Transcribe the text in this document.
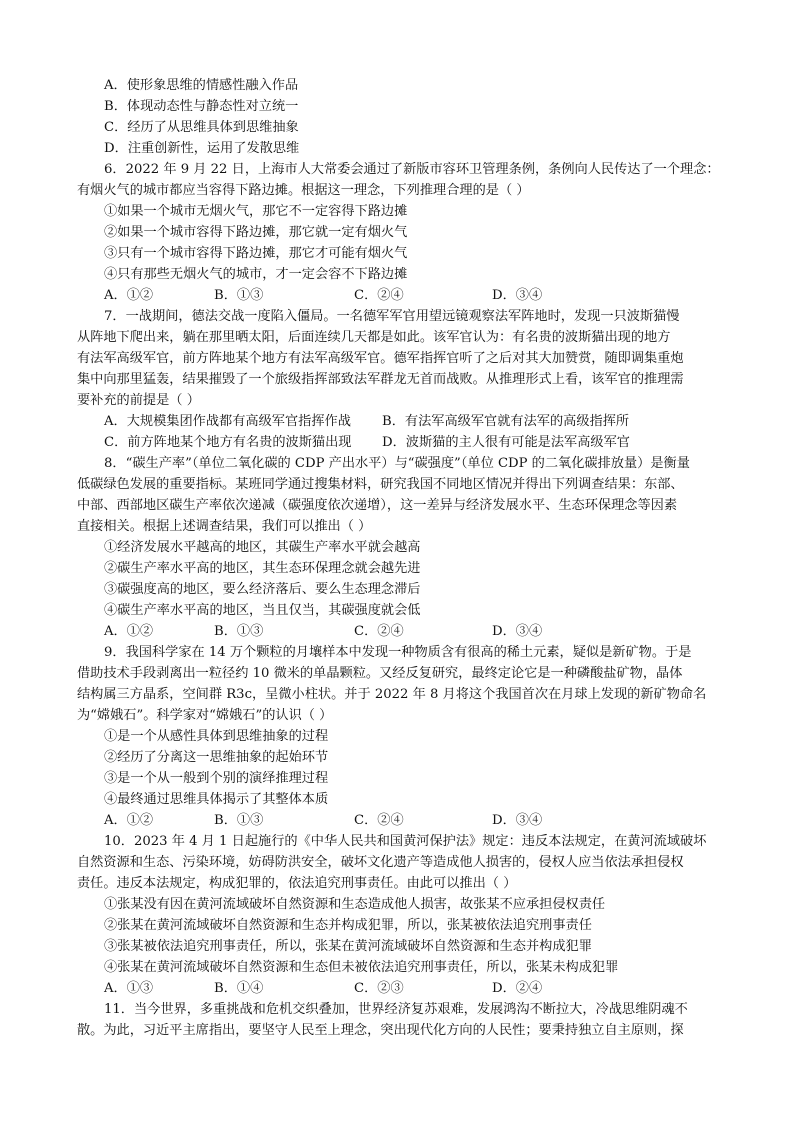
A．使形象思维的情感性融入作品
B．体现动态性与静态性对立统一
C．经历了从思维具体到思维抽象
D．注重创新性，运用了发散思维
6．2022 年 9 月 22 日，上海市人大常委会通过了新版市容环卫管理条例，条例向人民传达了一个理念：
有烟火气的城市都应当容得下路边摊。根据这一理念，下列推理合理的是（ ）
①如果一个城市无烟火气，那它不一定容得下路边摊
②如果一个城市容得下路边摊，那它就一定有烟火气
③只有一个城市容得下路边摊，那它才可能有烟火气
④只有那些无烟火气的城市，才一定会容不下路边摊
A．①②	B．①③	C．②④	D．③④
7．一战期间，德法交战一度陷入僵局。一名德军军官用望远镜观察法军阵地时，发现一只波斯猫慢
从阵地下爬出来，躺在那里晒太阳，后面连续几天都是如此。该军官认为：有名贵的波斯猫出现的地方
有法军高级军官，前方阵地某个地方有法军高级军官。德军指挥官听了之后对其大加赞赏，随即调集重炮
集中向那里猛轰，结果摧毁了一个旅级指挥部致法军群龙无首而战败。从推理形式上看，该军官的推理需
要补充的前提是（ ）
A．大规模集团作战都有高级军官指挥作战 B．有法军高级军官就有法军的高级指挥所
C．前方阵地某个地方有名贵的波斯猫出现 D．波斯猫的主人很有可能是法军高级军官
8．“碳生产率”（单位二氧化碳的 CDP 产出水平）与“碳强度”（单位 CDP 的二氧化碳排放量）是衡量
低碳绿色发展的重要指标。某班同学通过搜集材料，研究我国不同地区情况并得出下列调查结果：东部、
中部、西部地区碳生产率依次递减（碳强度依次递增），这一差异与经济发展水平、生态环保理念等因素
直接相关。根据上述调查结果，我们可以推出（ ）
①经济发展水平越高的地区，其碳生产率水平就会越高
②碳生产率水平高的地区，其生态环保理念就会越先进
③碳强度高的地区，要么经济落后、要么生态理念滞后
④碳生产率水平高的地区，当且仅当，其碳强度就会低
A．①②	B．①③	C．②④	D．③④
9．我国科学家在 14 万个颗粒的月壤样本中发现一种物质含有很高的稀土元素，疑似是新矿物。于是
借助技术手段剥离出一粒径约 10 微米的单晶颗粒。又经反复研究，最终定论它是一种磷酸盐矿物，晶体
结构属三方晶系，空间群 R3c，呈微小柱状。并于 2022 年 8 月将这个我国首次在月球上发现的新矿物命名
为“嫦娥石”。科学家对“嫦娥石”的认识（ ）
①是一个从感性具体到思维抽象的过程
②经历了分离这一思维抽象的起始环节
③是一个从一般到个别的演绎推理过程
④最终通过思维具体揭示了其整体本质
A．①②	B．①③	C．②④	D．③④
10．2023 年 4 月 1 日起施行的《中华人民共和国黄河保护法》规定：违反本法规定，在黄河流域破坏
自然资源和生态、污染环境，妨碍防洪安全，破坏文化遗产等造成他人损害的，侵权人应当依法承担侵权
责任。违反本法规定，构成犯罪的，依法追究刑事责任。由此可以推出（ ）
①张某没有因在黄河流域破坏自然资源和生态造成他人损害，故张某不应承担侵权责任
②张某在黄河流域破坏自然资源和生态并构成犯罪，所以，张某被依法追究刑事责任
③张某被依法追究刑事责任，所以，张某在黄河流域破坏自然资源和生态并构成犯罪
④张某在黄河流域破坏自然资源和生态但未被依法追究刑事责任，所以，张某未构成犯罪
A．①③	B．①④	C．②③	D．②④
11．当今世界，多重挑战和危机交织叠加，世界经济复苏艰难，发展鸿沟不断拉大，冷战思维阴魂不
散。为此，习近平主席指出，要坚守人民至上理念，突出现代化方向的人民性；要秉持独立自主原则，探
